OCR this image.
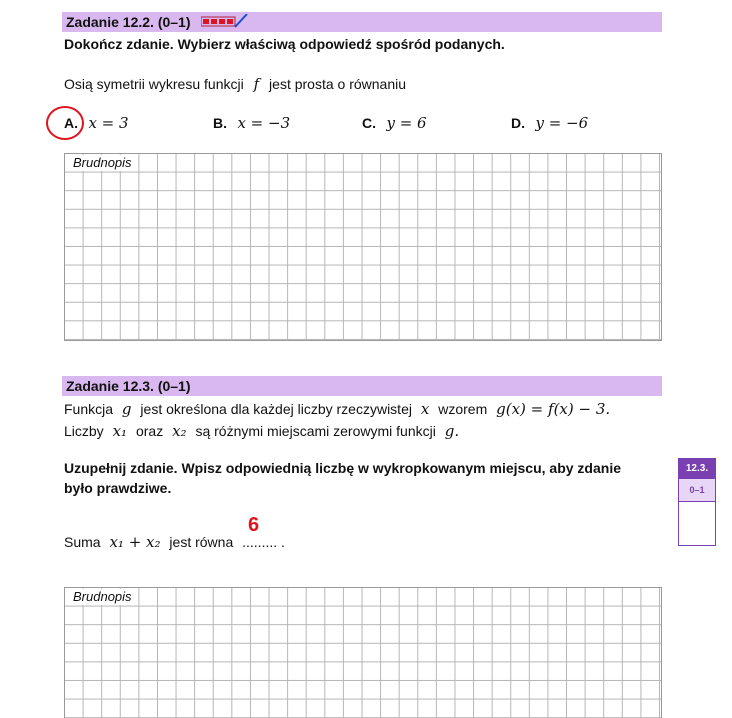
Zadanie 12.2. (0–1)
Dokończ zdanie. Wybierz właściwą odpowiedź spośród podanych.
Osią symetrii wykresu funkcji f jest prosta o równaniu
A. x = 3	B. x = −3	C. y = 6	D. y = −6
Brudnopis
Zadanie 12.3. (0–1)
Funkcja g jest określona dla każdej liczby rzeczywistej x wzorem g(x) = f(x) − 3.
Liczby x₁ oraz x₂ są różnymi miejscami zerowymi funkcji g.
Uzupełnij zdanie. Wpisz odpowiednią liczbę w wykropkowanym miejscu, aby zdanie
było prawdziwe.
Suma x₁ + x₂ jest równa ......... .
6
12.3.
0–1
Brudnopis
